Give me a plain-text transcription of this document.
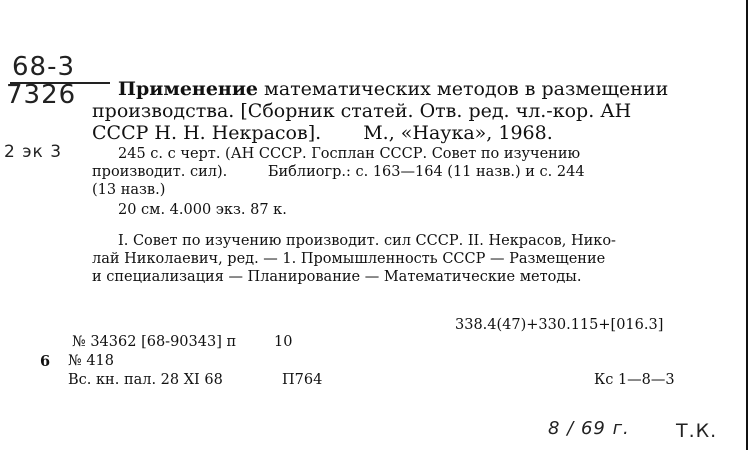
68-3
7326
2 эк 3
Применение математических методов в размещении
производства. [Сборник статей. Отв. ред. чл.-кор. АН
СССР Н. Н. Некрасов]. М., «Наука», 1968.
245 с. с черт. (АН СССР. Госплан СССР. Совет по изучению
производит. сил).	Библиогр.: с. 163—164 (11 назв.) и с. 244
(13 назв.)
20 см. 4.000 экз. 87 к.
I. Совет по изучению производит. сил СССР. II. Некрасов, Нико-
лай Николаевич, ред. — 1. Промышленность СССР — Размещение
и специализация — Планирование — Математические методы.
338.4(47)+330.115+[016.3]
№ 34362 [68-90343] п	10
6 № 418
Вс. кн. пал. 28 XI 68	П764	Кс 1—8—3
8 / 69 г. Т.К.
